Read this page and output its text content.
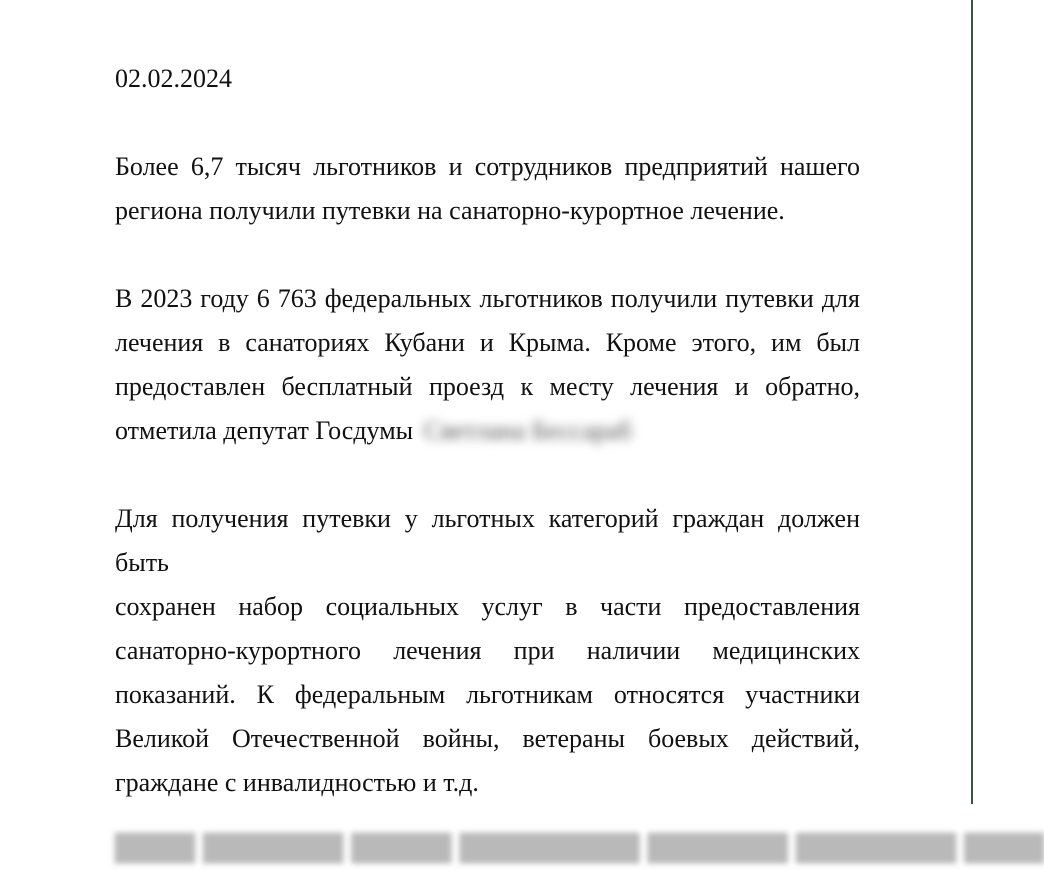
02.02.2024

Более 6,7 тысяч льготников и сотрудников предприятий нашего
региона получили путевки на санаторно-курортное лечение.

В 2023 году 6 763 федеральных льготников получили путевки для
лечения в санаториях Кубани и Крыма. Кроме этого, им был
предоставлен бесплатный проезд к месту лечения и обратно,
отметила депутат Госдумы Светлана Бессараб

Для получения путевки у льготных категорий граждан должен быть
сохранен набор социальных услуг в части предоставления
санаторно-курортного лечения при наличии медицинских
показаний. К федеральным льготникам относятся участники
Великой Отечественной войны, ветераны боевых действий,
граждане с инвалидностью и т.д.

████ ███████ █████ █████████ ███████ ████████ ████
